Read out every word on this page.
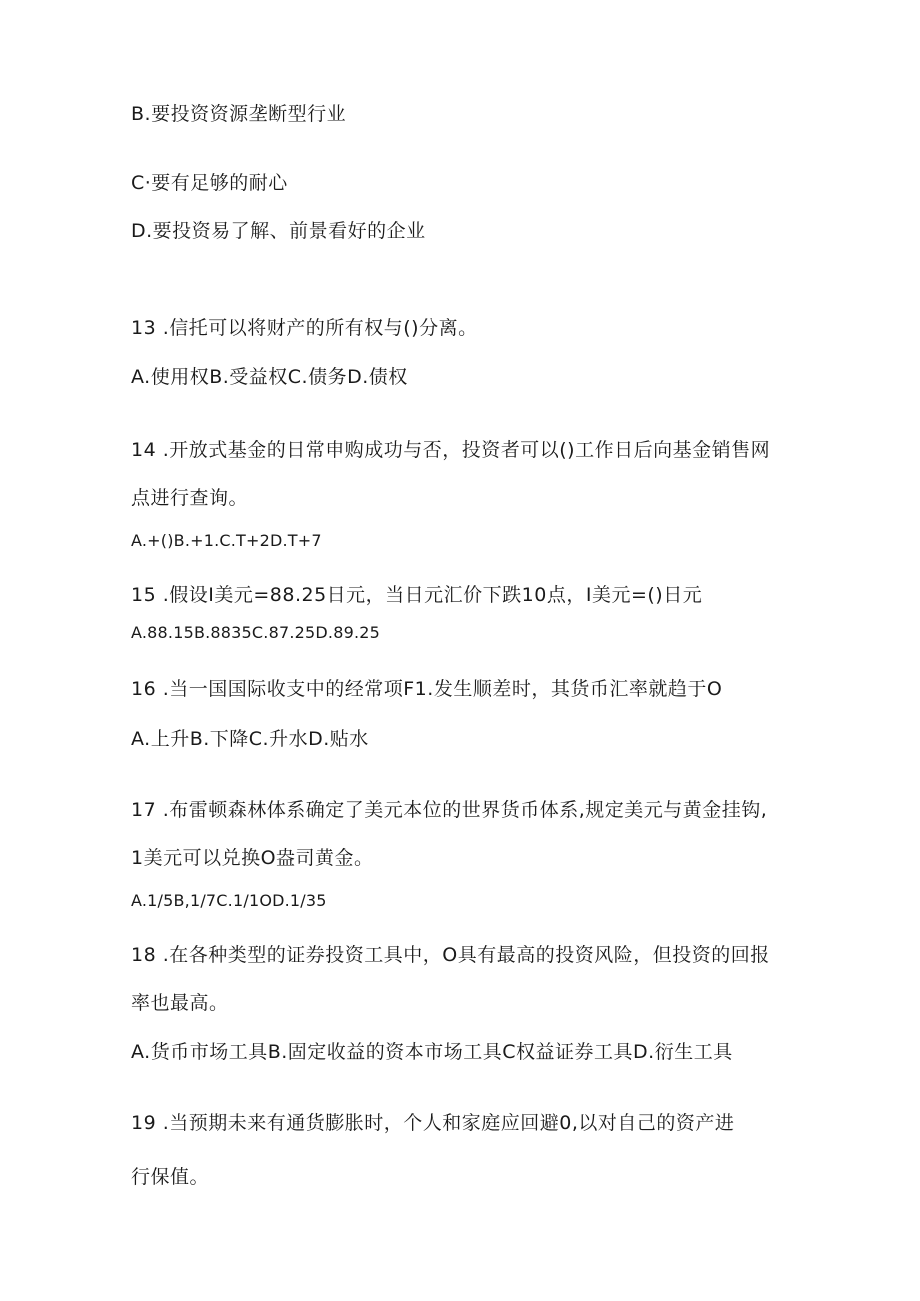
B.要投资资源垄断型行业
C·要有足够的耐心
D.要投资易了解、前景看好的企业
13 .信托可以将财产的所有权与()分离。
A.使用权B.受益权C.债务D.债权
14 .开放式基金的日常申购成功与否，投资者可以()工作日后向基金销售网
点进行查询。
A.+()B.+1.C.T+2D.T+7
15 .假设I美元=88.25日元，当日元汇价下跌10点，I美元=()日元
A.88.15B.8835C.87.25D.89.25
16 .当一国国际收支中的经常项F1.发生顺差时，其货币汇率就趋于O
A.上升B.下降C.升水D.贴水
17 .布雷顿森林体系确定了美元本位的世界货币体系,规定美元与黄金挂钩,
1美元可以兑换O盎司黄金。
A.1/5B,1/7C.1/1OD.1/35
18 .在各种类型的证券投资工具中，O具有最高的投资风险，但投资的回报
率也最高。
A.货币市场工具B.固定收益的资本市场工具C权益证券工具D.衍生工具
19 .当预期未来有通货膨胀时，个人和家庭应回避0,以对自己的资产进
行保值。
